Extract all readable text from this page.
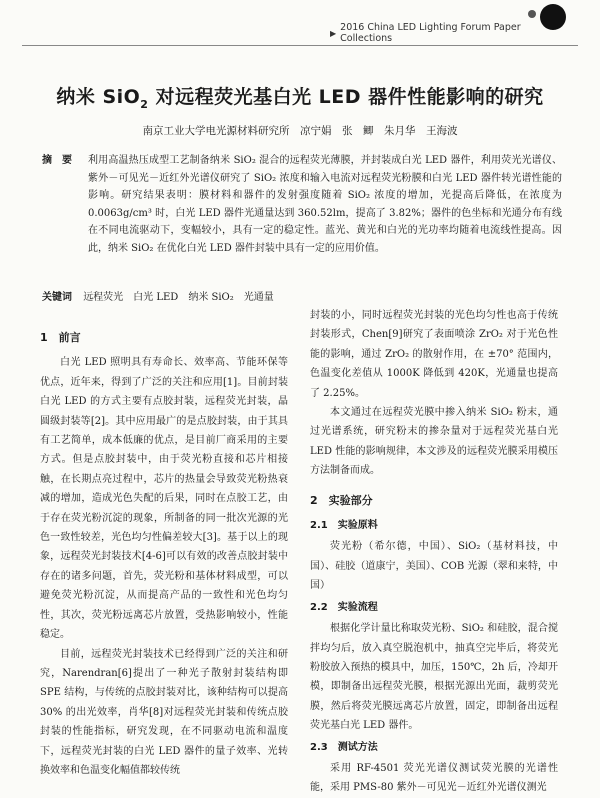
▶ 2016 China LED Lighting Forum Paper Collections
纳米 SiO$_2$ 对远程荧光基白光 LED 器件性能影响的研究
南京工业大学电光源材料研究所　凉宁娟　张　鲫　朱月华　王海波
摘　要	利用高温热压成型工艺制备纳米 SiO₂ 混合的远程荧光薄膜，并封装成白光 LED 器件，利用荧光光谱仪、紫外－可见光－近红外光谱仪研究了 SiO₂ 浓度和输入电流对远程荧光粉膜和白光 LED 器件转光谱性能的影响。研究结果表明：膜材料和器件的发射强度随着 SiO₂ 浓度的增加，光提高后降低，在浓度为 0.0063g/cm³ 时，白光 LED 器件光通量达到 360.52lm，提高了 3.82%；器件的色坐标和光通分布有线在不同电流驱动下，变幅较小，具有一定的稳定性。蓝光、黄光和白光的光功率均随着电流线性提高。因此，纳米 SiO₂ 在优化白光 LED 器件封装中具有一定的应用价值。
关键词 远程荧光　白光 LED　纳米 SiO₂　光通量
1　前言

白光 LED 照明具有寿命长、效率高、节能环保等优点，近年来，得到了广泛的关注和应用[1]。目前封装白光 LED 的方式主要有点胶封装，远程荧光封装，晶圆级封装等[2]。其中应用最广的是点胶封装，由于其具有工艺简单，成本低廉的优点，是目前厂商采用的主要方式。但是点胶封装中，由于荧光粉直接和芯片相接触，在长期点亮过程中，芯片的热量会导致荧光粉热衰减的增加，造成光色失配的后果，同时在点胶工艺，由于存在荧光粉沉淀的现象，所制备的同一批次光源的光色一致性较差，光色均匀性偏差较大[3]。基于以上的现象，远程荧光封装技术[4-6]可以有效的改善点胶封装中存在的诸多问题，首先，荧光粉和基体材料成型，可以避免荧光粉沉淀，从而提高产品的一致性和光色均匀性，其次，荧光粉远离芯片放置，受热影响较小，性能稳定。

目前，远程荧光封装技术已经得到广泛的关注和研究，Narendran[6]提出了一种光子散射封装结构即 SPE 结构，与传统的点胶封装对比，该种结构可以提高 30% 的出光效率，肖华[8]对远程荧光封装和传统点胶封装的性能指标，研究发现，在不同驱动电流和温度下，远程荧光封装的白光 LED 器件的量子效率、光转换效率和色温变化幅值都较传统

封装的小，同时远程荧光封装的光色均匀性也高于传统封装形式，Chen[9]研究了表面喷涂 ZrO₂ 对于光色性能的影响，通过 ZrO₂ 的散射作用，在 ±70° 范围内，色温变化差值从 1000K 降低到 420K，光通量也提高了 2.25%。

本文通过在远程荧光膜中掺入纳米 SiO₂ 粉末，通过光谱系统，研究粉末的掺杂量对于远程荧光基白光 LED 性能的影响规律，本文涉及的远程荧光膜采用模压方法制备而成。

2　实验部分
2.1　实验原料

荧光粉（希尔德，中国）、SiO₂（基材料技，中国）、硅胶（道康宁，美国）、COB 光源（翠和来特，中国）

2.2　实验流程

根据化学计量比称取荧光粉、SiO₂ 和硅胶，混合搅拌均匀后，放入真空脱泡机中，抽真空完毕后，将荧光粉胶放入预热的模具中，加压，150℃，2h 后，冷却开模，即制备出远程荧光膜，根据光源出光面，裁剪荧光膜，然后将荧光膜远离芯片放置，固定，即制备出远程荧光基白光 LED 器件。

2.3　测试方法

采用 RF-4501 荧光光谱仪测试荧光膜的光谱性能，采用 PMS-80 紫外－可见光－近红外光谱仪测光
